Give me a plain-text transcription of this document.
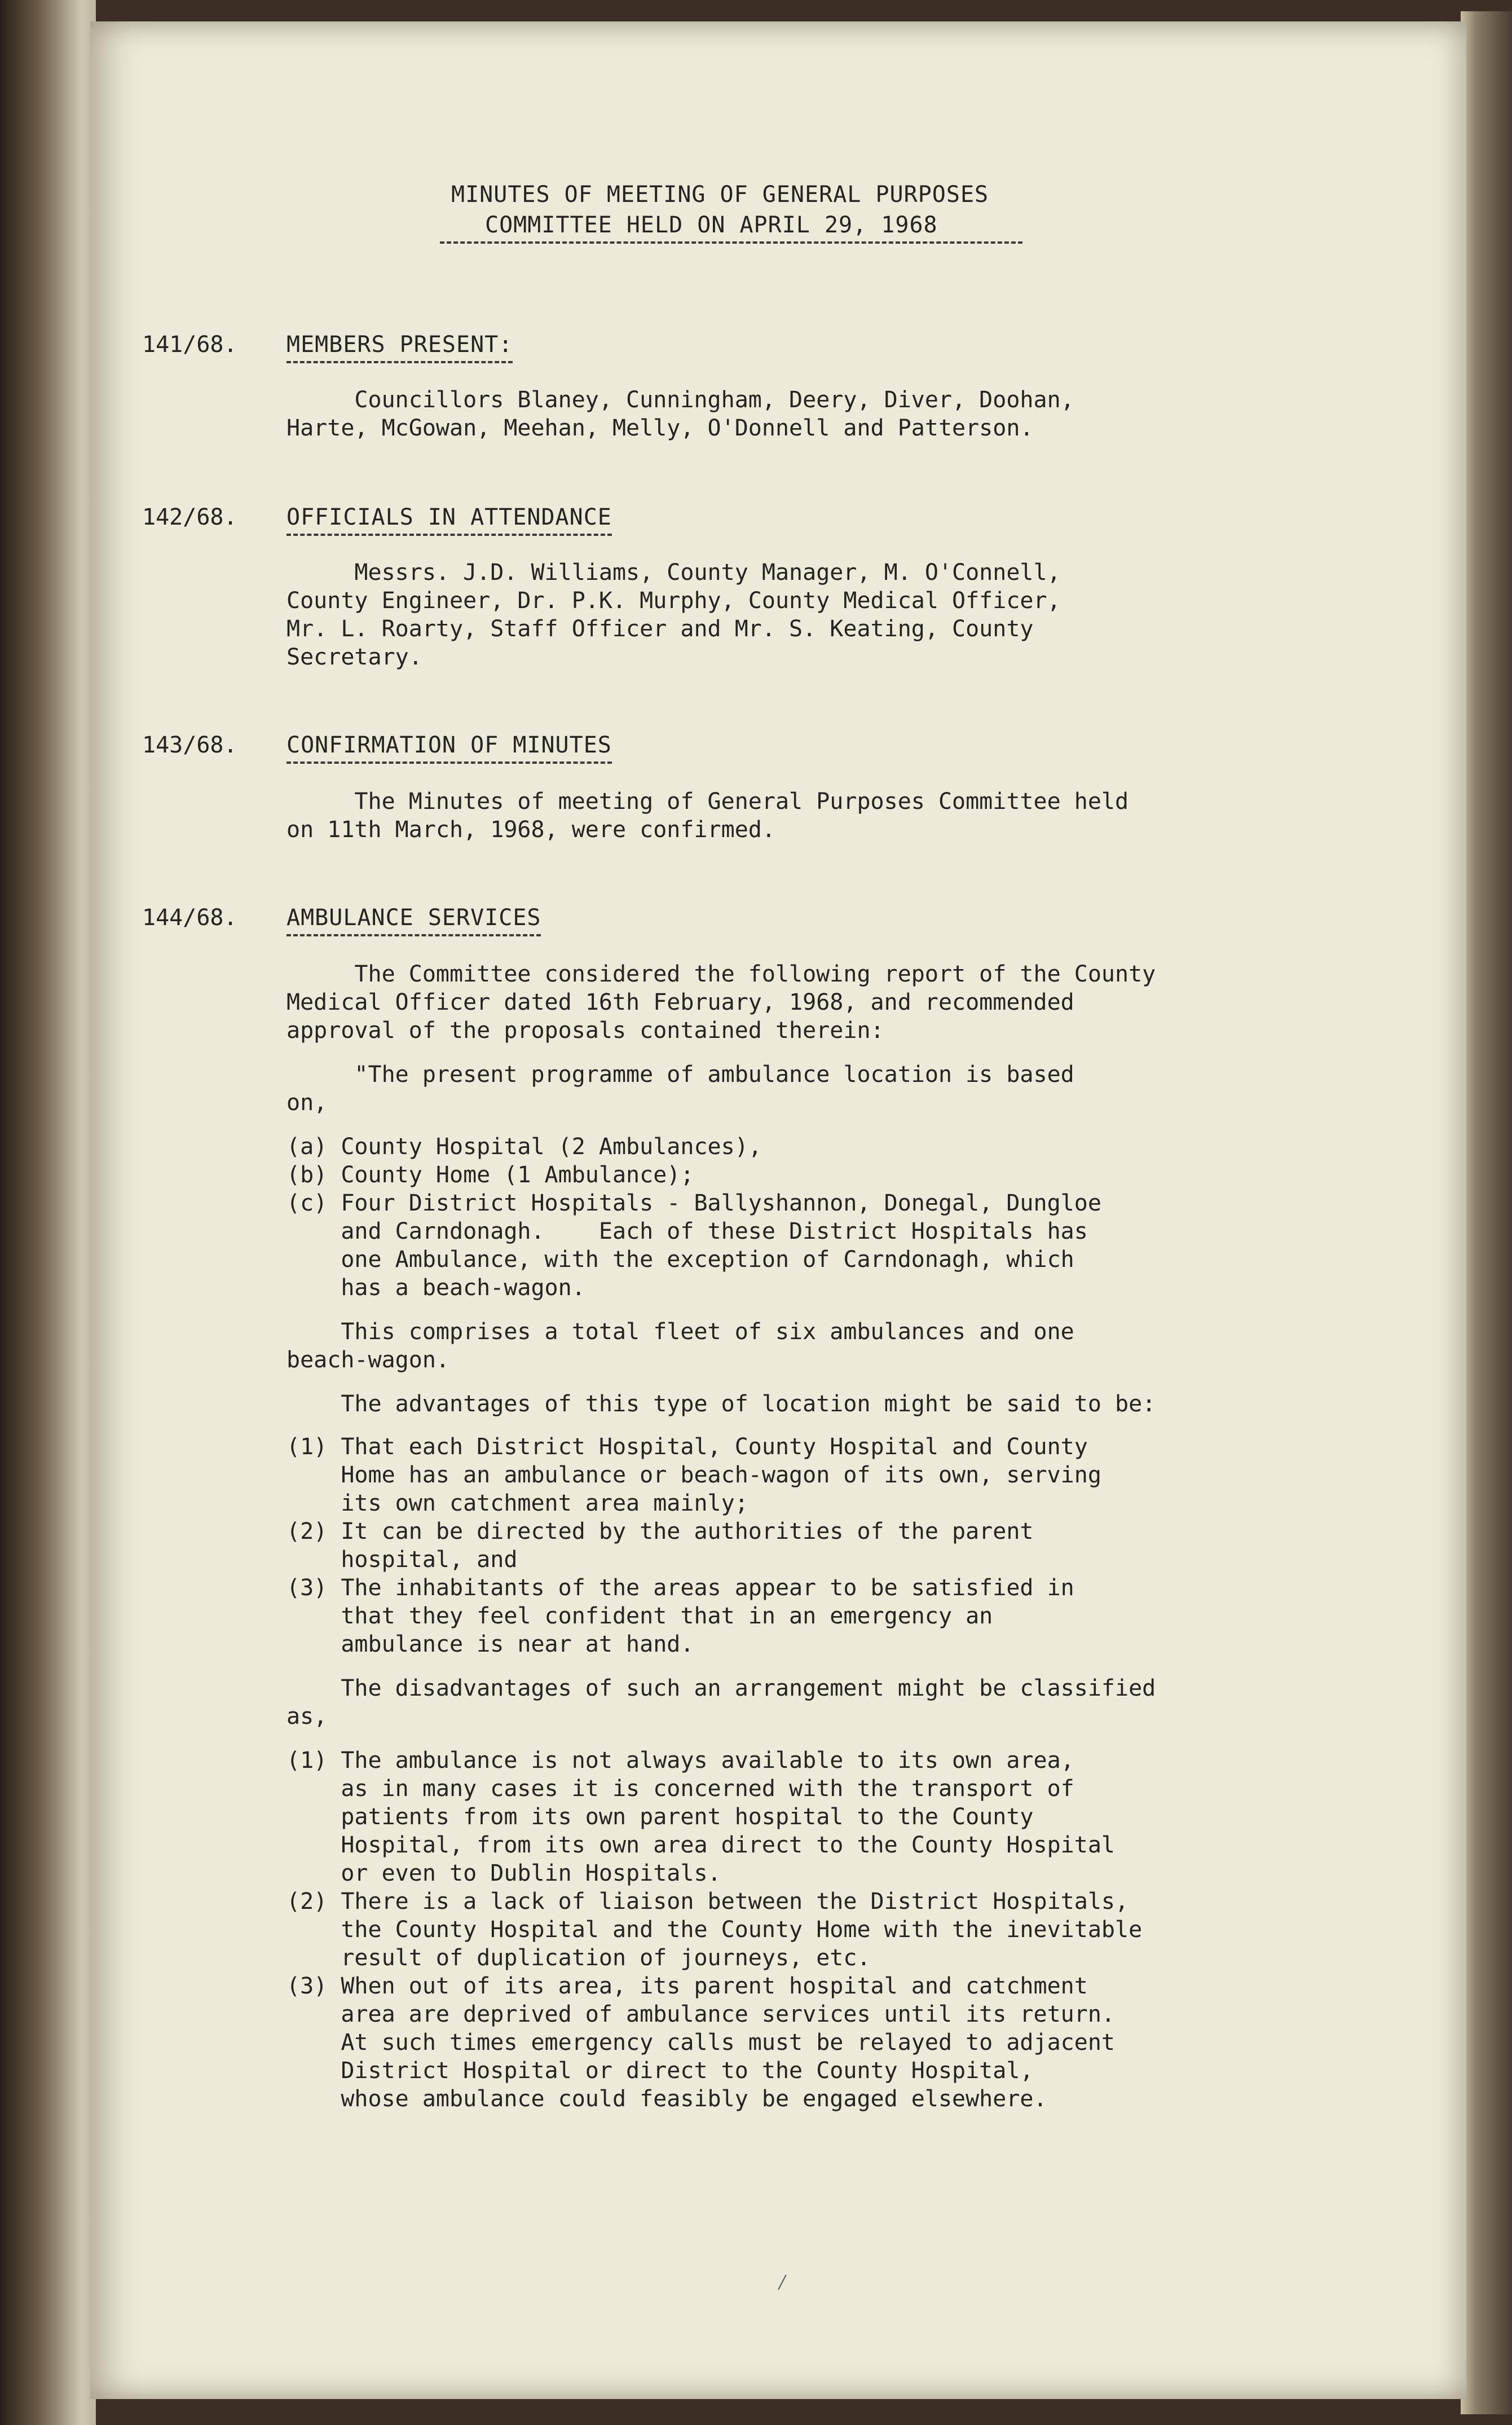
MINUTES OF MEETING OF GENERAL PURPOSES
COMMITTEE HELD ON APRIL 29, 1968
141/68. MEMBERS PRESENT:
Councillors Blaney, Cunningham, Deery, Diver, Doohan,
Harte, McGowan, Meehan, Melly, O'Donnell and Patterson.
142/68. OFFICIALS IN ATTENDANCE
Messrs. J.D. Williams, County Manager, M. O'Connell,
County Engineer, Dr. P.K. Murphy, County Medical Officer,
Mr. L. Roarty, Staff Officer and Mr. S. Keating, County
Secretary.
143/68. CONFIRMATION OF MINUTES
The Minutes of meeting of General Purposes Committee held
on 11th March, 1968, were confirmed.
144/68. AMBULANCE SERVICES
The Committee considered the following report of the County
Medical Officer dated 16th February, 1968, and recommended
approval of the proposals contained therein:
"The present programme of ambulance location is based
on,
(a) County Hospital (2 Ambulances),
(b) County Home (1 Ambulance);
(c) Four District Hospitals - Ballyshannon, Donegal, Dungloe
and Carndonagh.    Each of these District Hospitals has
one Ambulance, with the exception of Carndonagh, which
has a beach-wagon.
This comprises a total fleet of six ambulances and one
beach-wagon.
The advantages of this type of location might be said to be:
(1) That each District Hospital, County Hospital and County
Home has an ambulance or beach-wagon of its own, serving
its own catchment area mainly;
(2) It can be directed by the authorities of the parent
hospital, and
(3) The inhabitants of the areas appear to be satisfied in
that they feel confident that in an emergency an
ambulance is near at hand.
The disadvantages of such an arrangement might be classified
as,
(1) The ambulance is not always available to its own area,
as in many cases it is concerned with the transport of
patients from its own parent hospital to the County
Hospital, from its own area direct to the County Hospital
or even to Dublin Hospitals.
(2) There is a lack of liaison between the District Hospitals,
the County Hospital and the County Home with the inevitable
result of duplication of journeys, etc.
(3) When out of its area, its parent hospital and catchment
area are deprived of ambulance services until its return.
At such times emergency calls must be relayed to adjacent
District Hospital or direct to the County Hospital,
whose ambulance could feasibly be engaged elsewhere.
⁄
